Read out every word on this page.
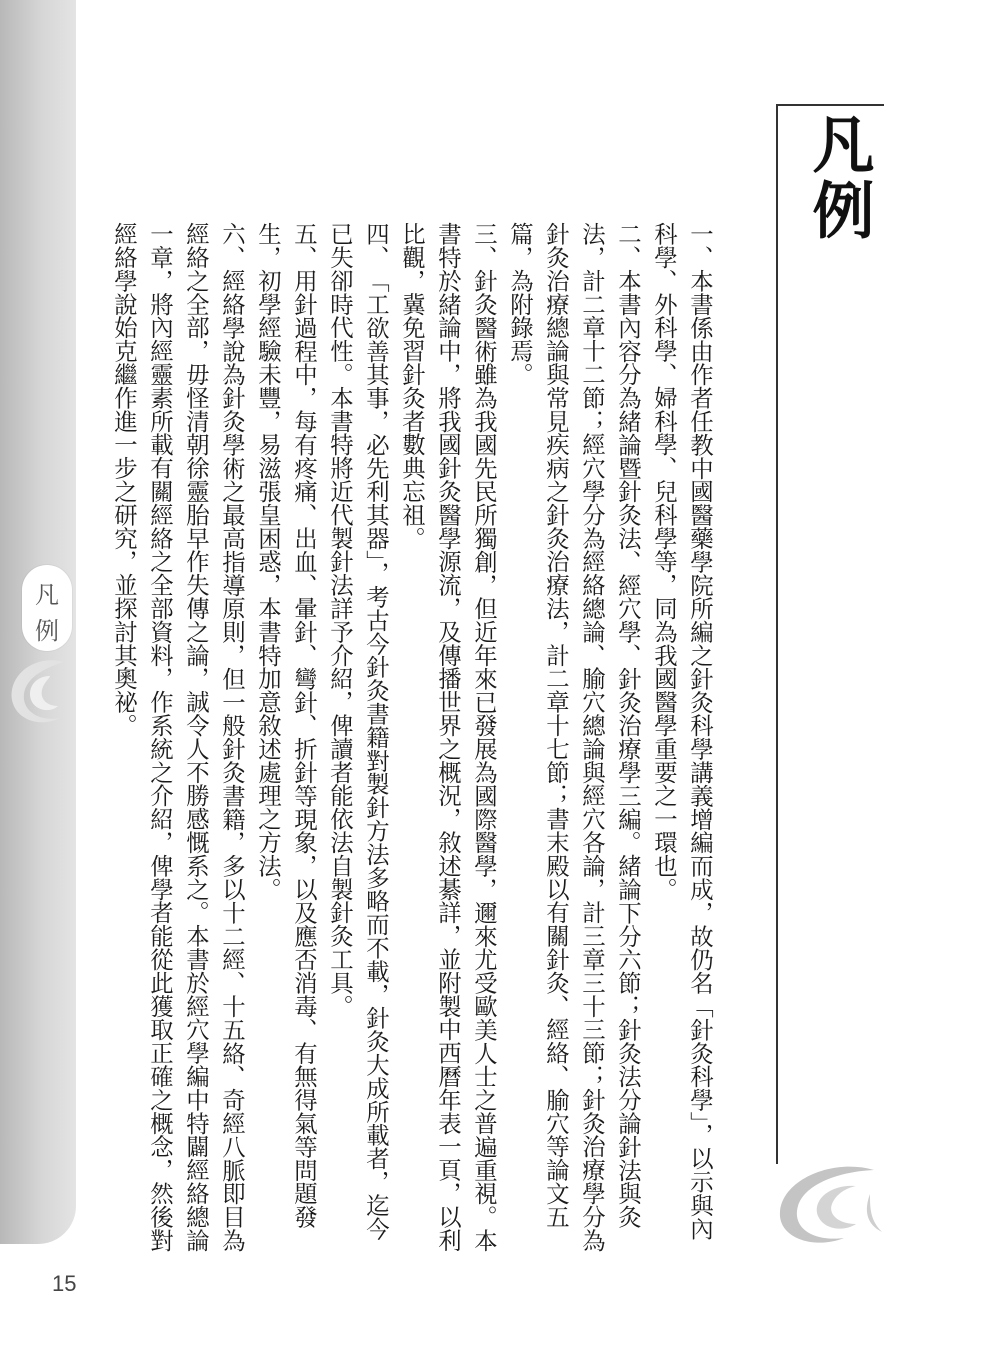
凡
例
15
凡例
一、本書係由作者任教中國醫藥學院所編之針灸科學講義增編而成，故仍名「針灸科學」，以示與內科學、外科學、婦科學、兒科學等，同為我國醫學重要之一環也。
二、本書內容分為緒論暨針灸法、經穴學、針灸治療學三編。緒論下分六節；針灸法分論針法與灸法，計二章十二節；經穴學分為經絡總論、腧穴總論與經穴各論，計三章三十三節；針灸治療學分為針灸治療總論與常見疾病之針灸治療法，計二章十七節；書末殿以有關針灸、經絡、腧穴等論文五篇，為附錄焉。
三、針灸醫術雖為我國先民所獨創，但近年來已發展為國際醫學，邇來尤受歐美人士之普遍重視。本書特於緒論中，將我國針灸醫學源流，及傳播世界之概況，敘述綦詳，並附製中西曆年表一頁，以利比觀，冀免習針灸者數典忘祖。
四、「工欲善其事，必先利其器」，考古今針灸書籍對製針方法多略而不載，針灸大成所載者，迄今已失卻時代性。本書特將近代製針法詳予介紹，俾讀者能依法自製針灸工具。
五、用針過程中，每有疼痛、出血、暈針、彎針、折針等現象，以及應否消毒、有無得氣等問題發生，初學經驗未豐，易滋張皇困惑，本書特加意敘述處理之方法。
六、經絡學說為針灸學術之最高指導原則，但一般針灸書籍，多以十二經、十五絡、奇經八脈即目為經絡之全部，毋怪清朝徐靈胎早作失傳之論，誠令人不勝感慨系之。本書於經穴學編中特闢經絡總論一章，將內經靈素所載有關經絡之全部資料，作系統之介紹，俾學者能從此獲取正確之概念，然後對經絡學說始克繼作進一步之研究，並探討其奧祕。
